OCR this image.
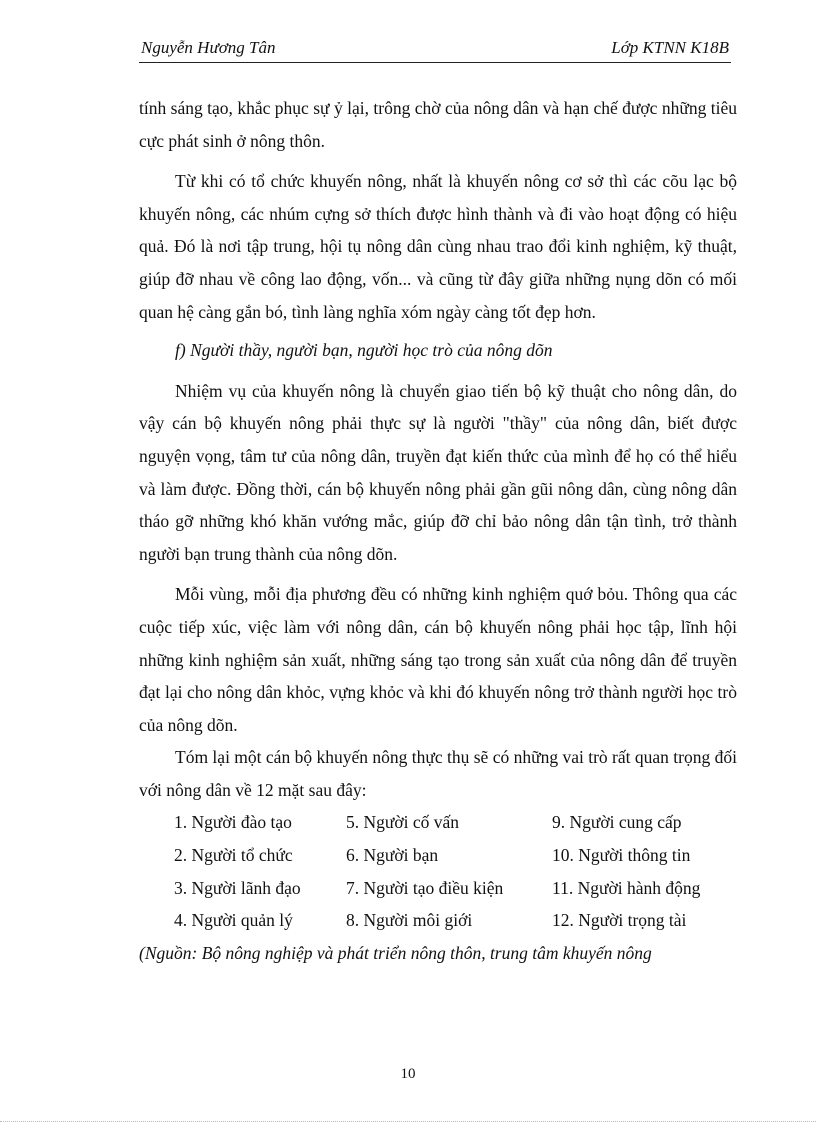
Nguyễn Hương Tân	Lớp KTNN K18B

tính sáng tạo, khắc phục sự ỷ lại, trông chờ của nông dân và hạn chế được những tiêu cực phát sinh ở nông thôn.

Từ khi có tổ chức khuyến nông, nhất là khuyến nông cơ sở thì các cõu lạc bộ khuyến nông, các nhúm cựng sở thích được hình thành và đi vào hoạt động có hiệu quả. Đó là nơi tập trung, hội tụ nông dân cùng nhau trao đổi kinh nghiệm, kỹ thuật, giúp đỡ nhau về công lao động, vốn... và cũng từ đây giữa những nụng dõn có mối quan hệ càng gắn bó, tình làng nghĩa xóm ngày càng tốt đẹp hơn.

f) Người thầy, người bạn, người học trò của nông dõn

Nhiệm vụ của khuyến nông là chuyển giao tiến bộ kỹ thuật cho nông dân, do vậy cán bộ khuyến nông phải thực sự là người "thầy" của nông dân, biết được nguyện vọng, tâm tư của nông dân, truyền đạt kiến thức của mình để họ có thể hiểu và làm được. Đồng thời, cán bộ khuyến nông phải gần gũi nông dân, cùng nông dân tháo gỡ những khó khăn vướng mắc, giúp đỡ chỉ bảo nông dân tận tình, trở thành người bạn trung thành của nông dõn.

Mỗi vùng, mỗi địa phương đều có những kinh nghiệm quớ bỏu. Thông qua các cuộc tiếp xúc, việc làm với nông dân, cán bộ khuyến nông phải học tập, lĩnh hội những kinh nghiệm sản xuất, những sáng tạo trong sản xuất của nông dân để truyền đạt lại cho nông dân khỏc, vựng khỏc và khi đó khuyến nông trở thành người học trò của nông dõn.

Tóm lại một cán bộ khuyến nông thực thụ sẽ có những vai trò rất quan trọng đối với nông dân về 12 mặt sau đây:

1. Người đào tạo	5. Người cố vấn	9. Người cung cấp
2. Người tổ chức	6. Người bạn	10. Người thông tin
3. Người lãnh đạo	7. Người tạo điều kiện	11. Người hành động
4. Người quản lý	8. Người môi giới	12. Người trọng tài

(Nguồn: Bộ nông nghiệp và phát triển nông thôn, trung tâm khuyến nông

10
